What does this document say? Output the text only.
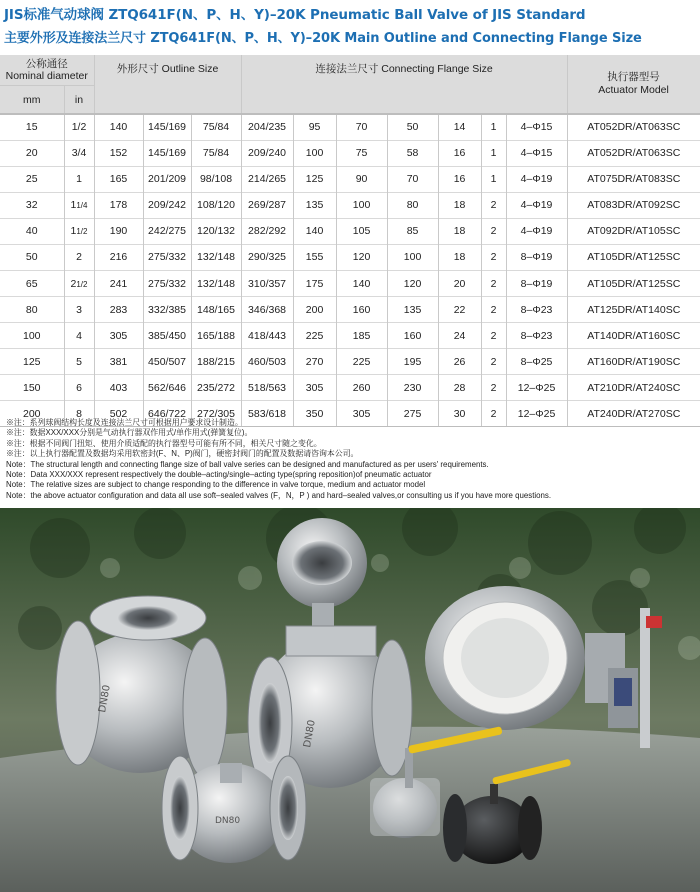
JIS标准气动球阀 ZTQ641F(N、P、H、Y)–20K Pneumatic Ball Valve of JIS Standard
主要外形及连接法兰尺寸 ZTQ641F(N、P、H、Y)–20K Main Outline and Connecting Flange Size
公称通径
Nominal diameter		外形尺寸 Outline Size			连接法兰尺寸 Connecting Flange Size							执行器型号
Actuator Model	
mm	in										
15	1/2	140	145/169	75/84	204/235	95	70	50	14	1	4–Φ15	AT052DR/AT063SC	
20	3/4	152	145/169	75/84	209/240	100	75	58	16	1	4–Φ15	AT052DR/AT063SC	
25	1	165	201/209	98/108	214/265	125	90	70	16	1	4–Φ19	AT075DR/AT083SC	
32	11/4	178	209/242	108/120	269/287	135	100	80	18	2	4–Φ19	AT083DR/AT092SC	
40	11/2	190	242/275	120/132	282/292	140	105	85	18	2	4–Φ19	AT092DR/AT105SC	
50	2	216	275/332	132/148	290/325	155	120	100	18	2	8–Φ19	AT105DR/AT125SC	
65	21/2	241	275/332	132/148	310/357	175	140	120	20	2	8–Φ19	AT105DR/AT125SC	
80	3	283	332/385	148/165	346/368	200	160	135	22	2	8–Φ23	AT125DR/AT140SC	
100	4	305	385/450	165/188	418/443	225	185	160	24	2	8–Φ23	AT140DR/AT160SC	
125	5	381	450/507	188/215	460/503	270	225	195	26	2	8–Φ25	AT160DR/AT190SC	
150	6	403	562/646	235/272	518/563	305	260	230	28	2	12–Φ25	AT210DR/AT240SC	
200	8	502	646/722	272/305	583/618	350	305	275	30	2	12–Φ25	AT240DR/AT270SC	
※注：系列球阀结构长度及连接法兰尺寸可根据用户要求设计制造。
※注：数据XXX/XXX分别是气动执行器双作用式/单作用式(弹簧复位)。
※注：根据不同阀门扭矩、使用介质适配的执行器型号可能有所不同，相关尺寸随之变化。
※注：以上执行器配置及数据均采用软密封(F、N、P)阀门，硬密封阀门的配置及数据请咨询本公司。
Note：The structural length and connecting flange size of ball valve series can be designed and manufactured as per users' requirements.
Note：Data XXX/XXX represent respectively the double–acting/single–acting type(spring reposition)of pneumatic actuator
Note：The relative sizes are subject to change responding to the difference in valve torque, medium and actuator model
Note：the above actuator configuration and data all use soft–sealed valves (F，N，P ) and hard–sealed valves,or consulting us if you have more questions.
DN80
DN80
DN80
